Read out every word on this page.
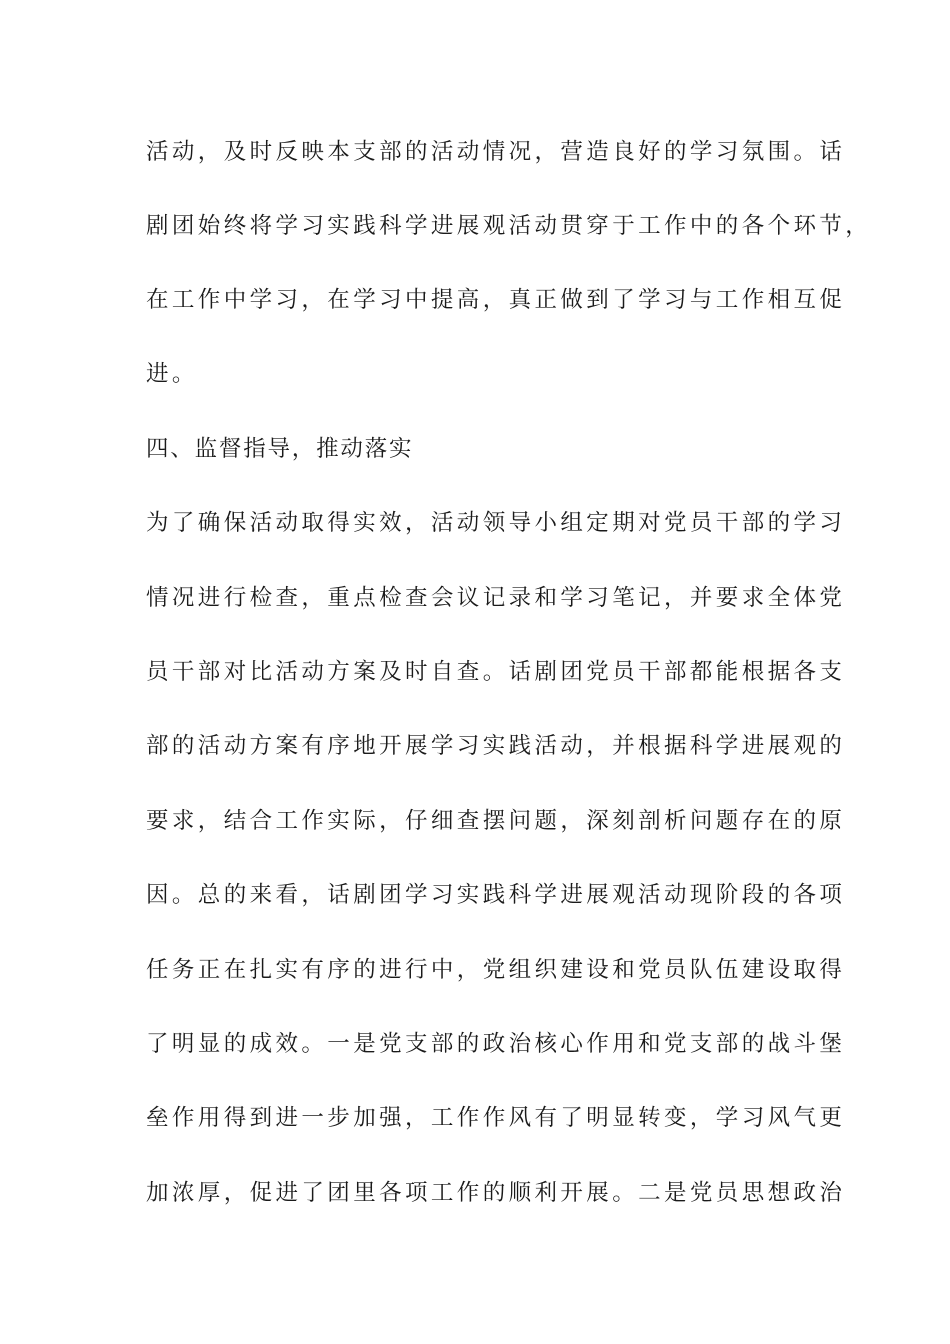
活动，及时反映本支部的活动情况，营造良好的学习氛围。话
剧团始终将学习实践科学进展观活动贯穿于工作中的各个环节，
在工作中学习，在学习中提高，真正做到了学习与工作相互促
进。
四、监督指导，推动落实
为了确保活动取得实效，活动领导小组定期对党员干部的学习
情况进行检查，重点检查会议记录和学习笔记，并要求全体党
员干部对比活动方案及时自查。话剧团党员干部都能根据各支
部的活动方案有序地开展学习实践活动，并根据科学进展观的
要求，结合工作实际，仔细查摆问题，深刻剖析问题存在的原
因。总的来看，话剧团学习实践科学进展观活动现阶段的各项
任务正在扎实有序的进行中，党组织建设和党员队伍建设取得
了明显的成效。一是党支部的政治核心作用和党支部的战斗堡
垒作用得到进一步加强，工作作风有了明显转变，学习风气更
加浓厚，促进了团里各项工作的顺利开展。二是党员思想政治
